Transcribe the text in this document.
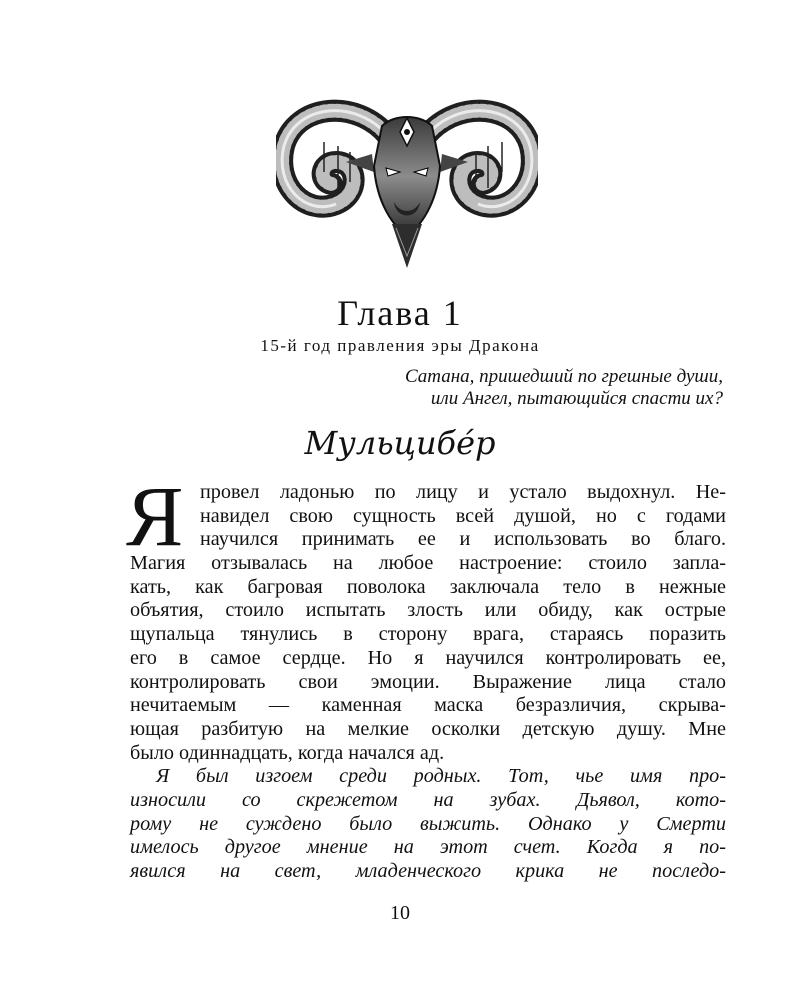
Глава 1
15-й год правления эры Дракона
Сатана, пришедший по грешные души,
или Ангел, пытающийся спасти их?
Мульцибе́р
Я провел ладонью по лицу и устало выдохнул. Не-
навидел свою сущность всей душой, но с годами
научился принимать ее и использовать во благо.
Магия отзывалась на любое настроение: стоило запла-
кать, как багровая поволока заключала тело в нежные
объятия, стоило испытать злость или обиду, как острые
щупальца тянулись в сторону врага, стараясь поразить
его в самое сердце. Но я научился контролировать ее,
контролировать свои эмоции. Выражение лица стало
нечитаемым — каменная маска безразличия, скрыва-
ющая разбитую на мелкие осколки детскую душу. Мне
было одиннадцать, когда начался ад.
Я был изгоем среди родных. Тот, чье имя про-
износили со скрежетом на зубах. Дьявол, кото-
рому не суждено было выжить. Однако у Смерти
имелось другое мнение на этот счет. Когда я по-
явился на свет, младенческого крика не последо-
10
